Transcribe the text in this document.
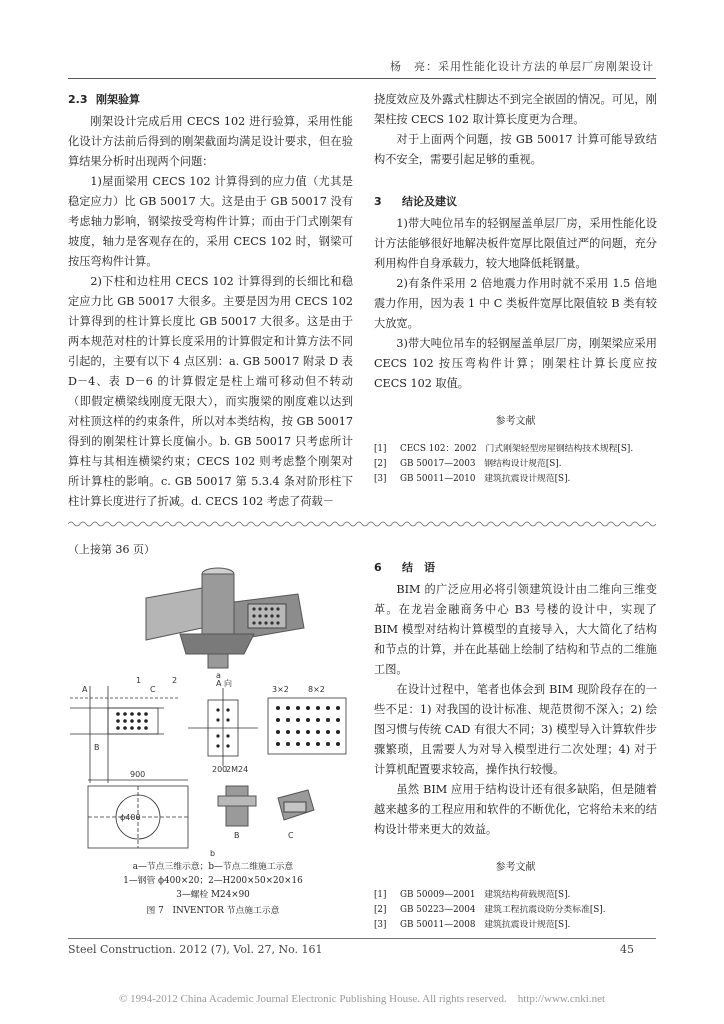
杨　亮：采用性能化设计方法的单层厂房刚架设计
2.3 刚架验算

刚架设计完成后用 CECS 102 进行验算，采用性能化设计方法前后得到的刚架截面均满足设计要求，但在验算结果分析时出现两个问题：

1)屋面梁用 CECS 102 计算得到的应力值（尤其是稳定应力）比 GB 50017 大。这是由于 GB 50017 没有考虑轴力影响，钢梁按受弯构件计算；而由于门式刚架有坡度，轴力是客观存在的，采用 CECS 102 时，钢梁可按压弯构件计算。

2)下柱和边柱用 CECS 102 计算得到的长细比和稳定应力比 GB 50017 大很多。主要是因为用 CECS 102 计算得到的柱计算长度比 GB 50017 大很多。这是由于两本规范对柱的计算长度采用的计算假定和计算方法不同引起的，主要有以下 4 点区别：a. GB 50017 附录 D 表 D－4、表 D－6 的计算假定是柱上端可移动但不转动（即假定横梁线刚度无限大），而实腹梁的刚度难以达到对柱顶这样的约束条件，所以对本类结构，按 GB 50017 得到的刚架柱计算长度偏小。b. GB 50017 只考虑所计算柱与其相连横梁约束；CECS 102 则考虑整个刚架对所计算柱的影响。c. GB 50017 第 5.3.4 条对阶形柱下柱计算长度进行了折减。d. CECS 102 考虑了荷载－

挠度效应及外露式柱脚达不到完全嵌固的情况。可见，刚架柱按 CECS 102 取计算长度更为合理。

对于上面两个问题，按 GB 50017 计算可能导致结构不安全，需要引起足够的重视。

3 结论及建议

1)带大吨位吊车的轻钢屋盖单层厂房，采用性能化设计方法能够很好地解决板件宽厚比限值过严的问题，充分利用构件自身承载力，较大地降低耗钢量。

2)有条件采用 2 倍地震力作用时就不采用 1.5 倍地震力作用，因为表 1 中 C 类板件宽厚比限值较 B 类有较大放宽。

3)带大吨位吊车的轻钢屋盖单层厂房，刚架梁应采用 CECS 102 按压弯构件计算；刚架柱计算长度应按 CECS 102 取值。

参考文献
[1]	CECS 102：2002　门式刚架轻型房屋钢结构技术规程[S].
[2]	GB 50017—2003　钢结构设计规范[S].
[3]	GB 50011—2010　建筑抗震设计规范[S].
（上接第 36 页）
a
1	2
A	C
B
A 向
200
2M24
3×2 8×2
900
ϕ400
B	C
b
a—节点三维示意；b—节点二维施工示意
1—钢管 ϕ400×20；2—H200×50×20×16
3—螺栓 M24×90
图 7　INVENTOR 节点施工示意
6 结　语

BIM 的广泛应用必将引领建筑设计由二维向三维变革。在龙岩金融商务中心 B3 号楼的设计中，实现了 BIM 模型对结构计算模型的直接导入，大大简化了结构和节点的计算，并在此基础上绘制了结构和节点的二维施工图。

在设计过程中，笔者也体会到 BIM 现阶段存在的一些不足：1) 对我国的设计标准、规范贯彻不深入；2) 绘图习惯与传统 CAD 有很大不同；3) 模型导入计算软件步骤繁琐，且需要人为对导入模型进行二次处理；4) 对于计算机配置要求较高，操作执行较慢。

虽然 BIM 应用于结构设计还有很多缺陷，但是随着越来越多的工程应用和软件的不断优化，它将给未来的结构设计带来更大的效益。

参考文献
[1]	GB 50009—2001　建筑结构荷载规范[S].
[2]	GB 50223—2004　建筑工程抗震设防分类标准[S].
[3]	GB 50011—2008　建筑抗震设计规范[S].
Steel Construction. 2012 (7), Vol. 27, No. 161	45
© 1994-2012 China Academic Journal Electronic Publishing House. All rights reserved.　http://www.cnki.net
